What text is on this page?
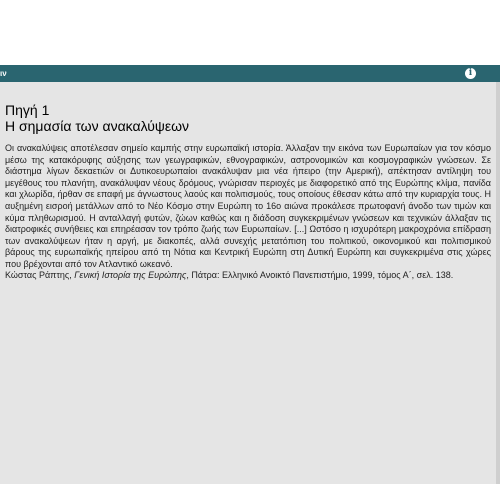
ιν	i
Πηγή 1
Η σημασία των ανακαλύψεων

Οι ανακαλύψεις αποτέλεσαν σημείο καμπής στην ευρωπαϊκή ιστορία. Άλλαξαν την εικόνα των Ευρωπαίων για τον κόσμο μέσω της κατακόρυφης αύξησης των γεωγραφικών, εθνογραφικών, αστρονομικών και κοσμογραφικών γνώσεων. Σε διάστημα λίγων δεκαετιών οι Δυτικοευρωπαίοι ανακάλυψαν μια νέα ήπειρο (την Αμερική), απέκτησαν αντίληψη του μεγέθους του πλανήτη, ανακάλυψαν νέους δρόμους, γνώρισαν περιοχές με διαφορετικό από της Ευρώπης κλίμα, πανίδα και χλωρίδα, ήρθαν σε επαφή με άγνωστους λαούς και πολιτισμούς, τους οποίους έθεσαν κάτω από την κυριαρχία τους. Η αυξημένη εισροή μετάλλων από το Νέο Κόσμο στην Ευρώπη το 16ο αιώνα προκάλεσε πρωτοφανή άνοδο των τιμών και κύμα πληθωρισμού. Η ανταλλαγή φυτών, ζώων καθώς και η διάδοση συγκεκριμένων γνώσεων και τεχνικών άλλαξαν τις διατροφικές συνήθειες και επηρέασαν τον τρόπο ζωής των Ευρωπαίων. [...] Ωστόσο η ισχυρότερη μακροχρόνια επίδραση των ανακαλύψεων ήταν η αργή, με διακοπές, αλλά συνεχής μετατόπιση του πολιτικού, οικονομικού και πολιτισμικού βάρους της ευρωπαϊκής ηπείρου από τη Νότια και Κεντρική Ευρώπη στη Δυτική Ευρώπη και συγκεκριμένα στις χώρες που βρέχονται από τον Ατλαντικό ωκεανό.

Κώστας Ράπτης, Γενική Ιστορία της Ευρώπης, Πάτρα: Ελληνικό Ανοικτό Πανεπιστήμιο, 1999, τόμος Α΄, σελ. 138.
